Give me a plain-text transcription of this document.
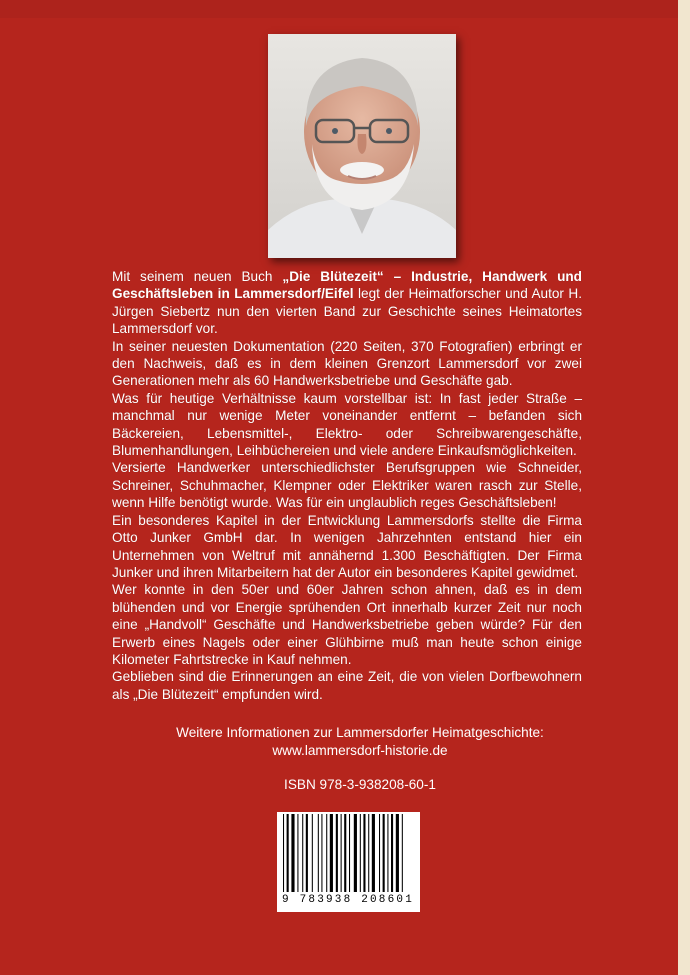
Mit seinem neuen Buch „Die Blütezeit“ – Industrie, Handwerk und Geschäftsleben in Lammersdorf/Eifel legt der Heimatforscher und Autor H. Jürgen Siebertz nun den vierten Band zur Geschichte seines Heimatortes Lammersdorf vor.

In seiner neuesten Dokumentation (220 Seiten, 370 Fotografien) erbringt er den Nachweis, daß es in dem kleinen Grenzort Lammersdorf vor zwei Generationen mehr als 60 Handwerksbetriebe und Geschäfte gab.

Was für heutige Verhältnisse kaum vorstellbar ist: In fast jeder Straße – manchmal nur wenige Meter voneinander entfernt – befanden sich Bäckereien, Lebensmittel-, Elektro- oder Schreibwarengeschäfte, Blumenhandlungen, Leihbüchereien und viele andere Einkaufsmöglichkeiten.

Versierte Handwerker unterschiedlichster Berufsgruppen wie Schneider, Schreiner, Schuhmacher, Klempner oder Elektriker waren rasch zur Stelle, wenn Hilfe benötigt wurde. Was für ein unglaublich reges Geschäftsleben!

Ein besonderes Kapitel in der Entwicklung Lammersdorfs stellte die Firma Otto Junker GmbH dar. In wenigen Jahrzehnten entstand hier ein Unternehmen von Weltruf mit annähernd 1.300 Beschäftigten. Der Firma Junker und ihren Mitarbeitern hat der Autor ein besonderes Kapitel gewidmet.

Wer konnte in den 50er und 60er Jahren schon ahnen, daß es in dem blühenden und vor Energie sprühenden Ort innerhalb kurzer Zeit nur noch eine „Handvoll“ Geschäfte und Handwerksbetriebe geben würde? Für den Erwerb eines Nagels oder einer Glühbirne muß man heute schon einige Kilometer Fahrtstrecke in Kauf nehmen.

Geblieben sind die Erinnerungen an eine Zeit, die von vielen Dorfbewohnern als „Die Blütezeit“ empfunden wird.

Weitere Informationen zur Lammersdorfer Heimatgeschichte:
www.lammersdorf-historie.de
ISBN 978-3-938208-60-1
9 783938 208601
